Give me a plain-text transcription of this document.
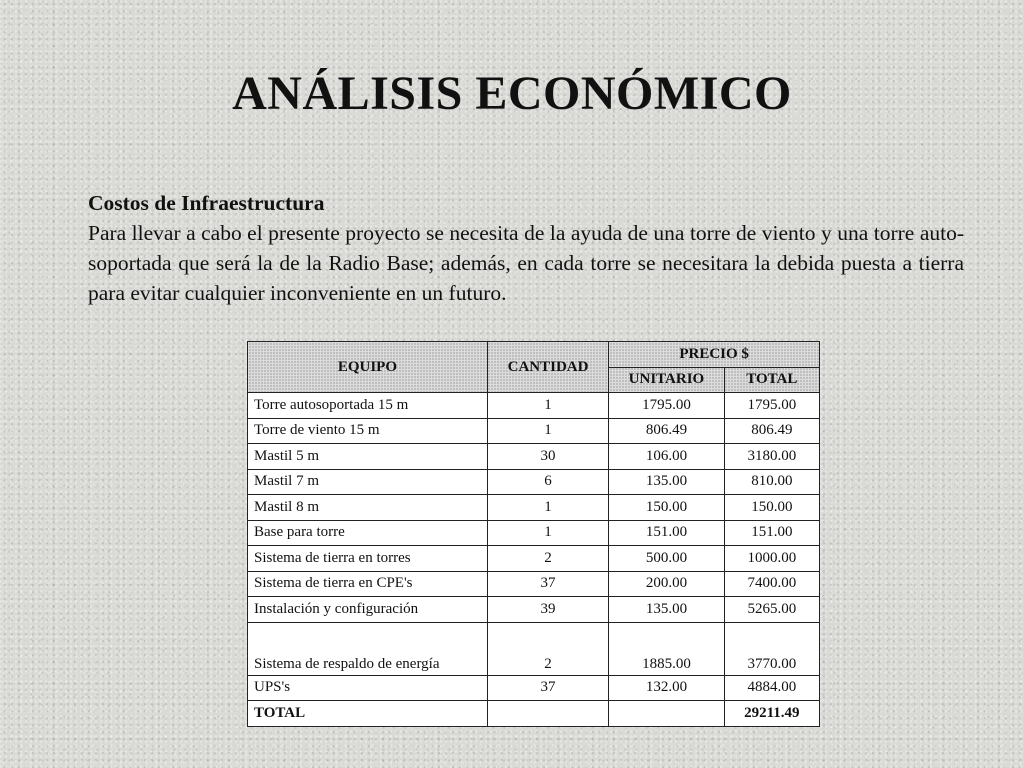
ANÁLISIS ECONÓMICO
Costos de Infraestructura
Para llevar a cabo el presente proyecto se necesita de la ayuda de una torre de viento y una torre auto-soportada que será la de la Radio Base; además, en cada torre se necesitara la debida puesta a tierra para evitar cualquier inconveniente en un futuro.
EQUIPO	CANTIDAD	PRECIO $	
		UNITARIO	TOTAL
Torre autosoportada 15 m	1	1795.00	1795.00
Torre de viento 15 m	1	806.49	806.49
Mastil 5 m	30	106.00	3180.00
Mastil 7 m	6	135.00	810.00
Mastil 8 m	1	150.00	150.00
Base para torre	1	151.00	151.00
Sistema de tierra en torres	2	500.00	1000.00
Sistema de tierra en CPE's	37	200.00	7400.00
Instalación y configuración	39	135.00	5265.00
Sistema de respaldo de energía	2	1885.00	3770.00
UPS's	37	132.00	4884.00
TOTAL			29211.49
